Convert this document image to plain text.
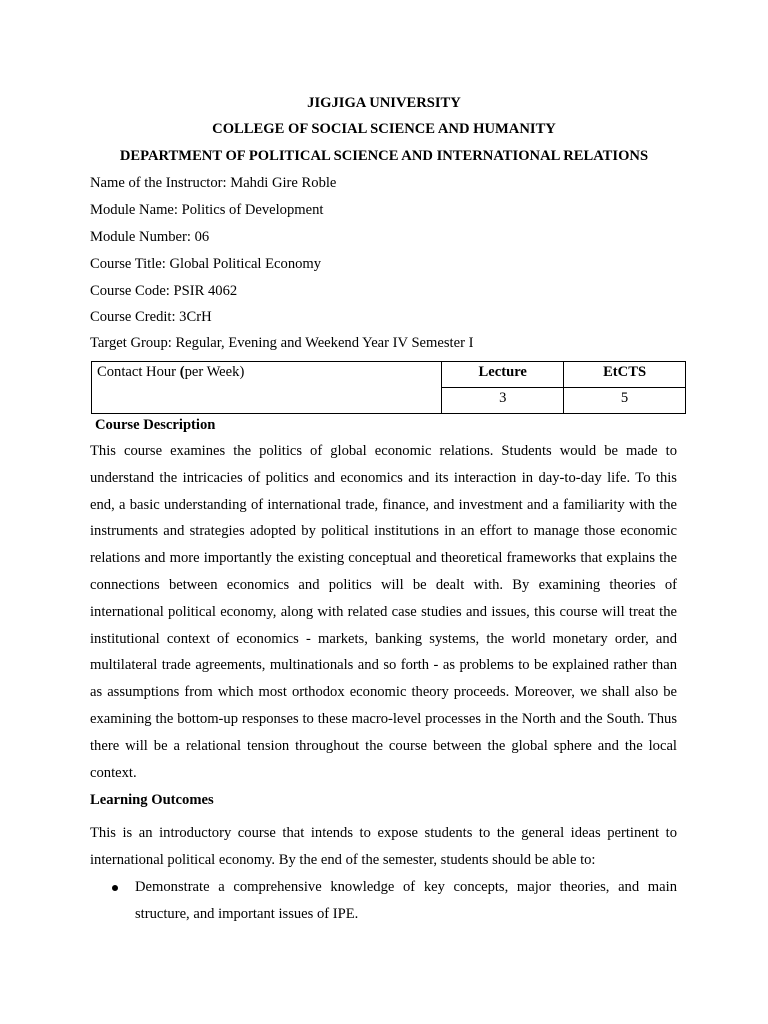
JIGJIGA UNIVERSITY
COLLEGE OF SOCIAL SCIENCE AND HUMANITY
DEPARTMENT OF POLITICAL SCIENCE AND INTERNATIONAL RELATIONS
Name of the Instructor: Mahdi Gire Roble
Module Name: Politics of Development
Module Number: 06
Course Title: Global Political Economy
Course Code: PSIR 4062
Course Credit: 3CrH
Target Group: Regular, Evening and Weekend Year IV Semester I
Contact Hour (per Week)	Lecture	EtCTS
	3	5
Course Description
This course examines the politics of global economic relations. Students would be made to understand the intricacies of politics and economics and its interaction in day-to-day life. To this end, a basic understanding of international trade, finance, and investment and a familiarity with the instruments and strategies adopted by political institutions in an effort to manage those economic relations and more importantly the existing conceptual and theoretical frameworks that explains the connections between economics and politics will be dealt with. By examining theories of international political economy, along with related case studies and issues, this course will treat the institutional context of economics - markets, banking systems, the world monetary order, and multilateral trade agreements, multinationals and so forth - as problems to be explained rather than as assumptions from which most orthodox economic theory proceeds. Moreover, we shall also be examining the bottom-up responses to these macro-level processes in the North and the South. Thus there will be a relational tension throughout the course between the global sphere and the local context.
Learning Outcomes
This is an introductory course that intends to expose students to the general ideas pertinent to international political economy. By the end of the semester, students should be able to:
Demonstrate a comprehensive knowledge of key concepts, major theories, and main structure, and important issues of IPE.
